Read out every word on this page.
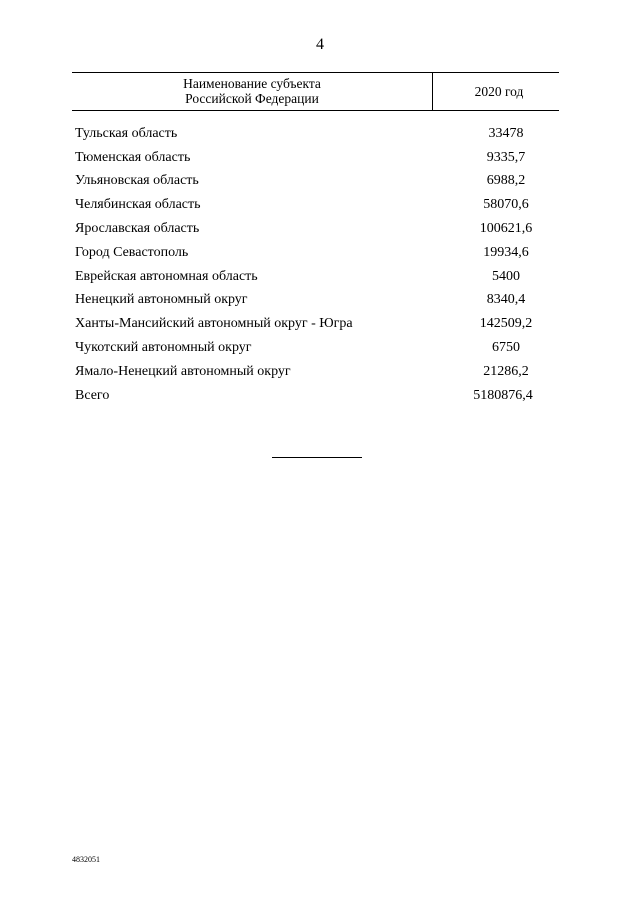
4
Наименование субъекта
Российской Федерации	2020 год
Тульская область	33478
Тюменская область	9335,7
Ульяновская область	6988,2
Челябинская область	58070,6
Ярославская область	100621,6
Город Севастополь	19934,6
Еврейская автономная область	5400
Ненецкий автономный округ	8340,4
Ханты-Мансийский автономный округ - Югра	142509,2
Чукотский автономный округ	6750
Ямало-Ненецкий автономный округ	21286,2
Всего	5180876,4
4832051
